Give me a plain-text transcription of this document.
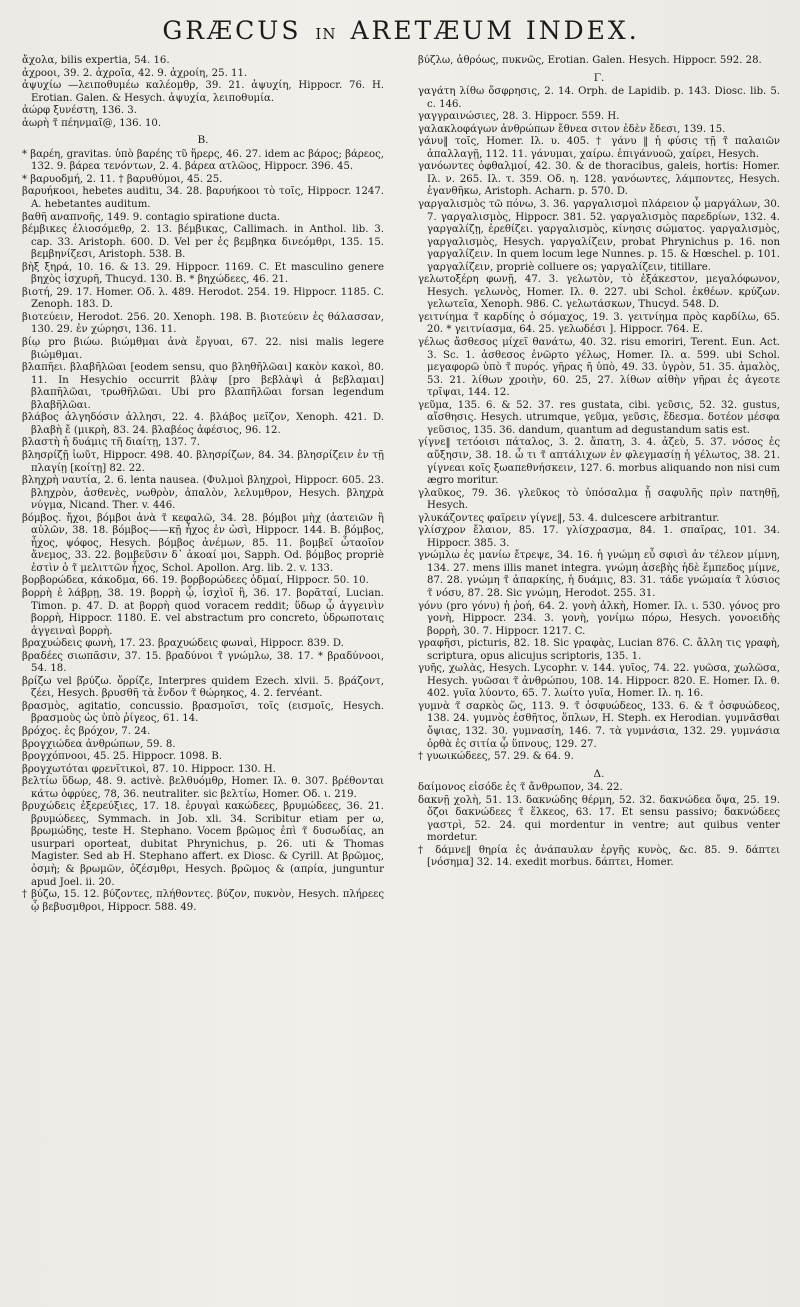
GRÆCUS IN ARETÆUM INDEX.
ἄχολα, bilis expertia, 54. 16.
ἀχροοι, 39. 2. ἀχροῖα, 42. 9. ἀχροίη, 25. 11.
ἀψυχίω —λειποθυμέω καλέομθρ, 39. 21. ἀψυχίη, Hippocr. 76. H. Erotian. Galen. & Hesych. ἀψυχία, λειποθυμία.
ἀώρφ ξυνέστη, 136. 3.
ἀωρὴ τ̃ πέηνμαῖ@, 136. 10.
B.
* βαρέη, gravitas. ὑπὸ βαρέης τῦ ἥρερς, 46. 27. idem ac βάρος; βάρεος, 132. 9. βάρεα τενόντων, 2. 4. βάρεα ατλῶος, Hippocr. 396. 45.
* βαρυοδμή, 2. 11. † βαρυθύμοι, 45. 25.
βαρυήκοοι, hebetes auditu, 34. 28. βαρυήκοοι τὸ τοῖς, Hippocr. 1247. A. hebetantes auditum.
βαθῆ αναπνοῆς, 149. 9. contagio spiratione ducta.
βέμβικες ἐλιοσόμεθρ, 2. 13. βέμβικας, Callimach. in Anthol. lib. 3. cap. 33. Aristoph. 600. D. Vel per ἐς βεμβηκα δινεόμθρι, 135. 15. βεμβηνίζεσι, Aristoph. 538. B.
βὴξ ξηρά, 10. 16. & 13. 29. Hippocr. 1169. C. Et masculino genere βηχὸς ἰσχυρῆ, Thucyd. 130. B. * βηχώδεες, 46. 21.
βιοτή, 29. 17. Homer. Οδ. λ. 489. Herodot. 254. 19. Hippocr. 1185. C. Zenoph. 183. D.
βιοτεύειν, Herodot. 256. 20. Xenoph. 198. B. βιοτεύειν ἐς θάλασσαν, 130. 29. ἐν χώρησι, 136. 11.
βίῳ pro βιώω. βιώμθμαι ἀνὰ ἔργυαι, 67. 22. nisi malis legere βιώμθμαι.
βλαπῆει. βλαβῆλῶαι [eodem sensu, quo βληθῆλῶαι] κακὸν κακοὶ, 80. 11. In Hesychio occurrit βλὰψ [pro βεβλὰψὶ ἀ βεβλαμαι] βλαπῆλῶαι, τρωθῆλῶαι. Ubi pro βλαπῆλῶαι forsan legendum βλαβῆλῶαι.
βλάβος ἀλγηδόσιν ἀλλησι, 22. 4. βλάβος μεῖζον, Xenoph. 421. D. βλαβὴ ἔ (μικρὴ, 83. 24. βλαβέος ἀφέσιος, 96. 12.
βλαστὴ ἡ δυάμις τῆ διαίτῃ, 137. 7.
βλησρίζῇ ἰωῦτ, Hippocr. 498. 40. βλησρίζων, 84. 34. βλησρίζειν ἐν τῇ πλαγίῃ [κοίτῃ] 82. 22.
βληχρὴ ναυτία, 2. 6. lenta nausea. (Φυλμοὶ βληχροὶ, Hippocr. 605. 23. βληχρὸν, ἀσθενὲς, νωθρὸν, ἀπαλὸν, λελυμθρον, Hesych. βληχρὰ νύγμα, Nicand. Ther. v. 446.
βόμβος. ἤχοι, βόμβοι ἀνὰ τ̃ κεφαλῶ, 34. 28. βόμβοι μὴχ (ἀατειῶν ἢ αὐλῶν, 38. 18. βόμβος——κῇ ἦχος ἐν ὠσὶ, Hippocr. 144. B. βόμβος, ἦχος, ψόφος, Hesych. βόμβος ἀνέμων, 85. 11. βομβεῖ ὦταοῖον ἄνεμος, 33. 22. βομβεῦσιν δ᾽ ἀκοαί μοι, Sapph. Od. βόμβος propriè ἐστὶν ὁ τ̃ μελιττῶν ἦχος, Schol. Apollon. Arg. lib. 2. v. 133.
βορβορώδεα, κάκοδμα, 66. 19. βορβορώδεες ὀδμαί, Hippocr. 50. 10.
βορρὴ ἐ λάβρῃ, 38. 19. βορρὴ ᾧ, ἰσχὶοῖ ἢ, 36. 17. βορᾶταί, Lucian. Timon. p. 47. D. at βορρὴ quod voracem reddit; ὕδωρ ᾧ ἀγγεινὶν βορρὴ, Hippocr. 1180. E. vel abstractum pro concreto, ὑδρωποταις ἀγγειναὶ βορρὴ.
βραχυώδεις φωνὴ, 17. 23. βραχυώδεις φωναὶ, Hippocr. 839. D.
βραδέες σιωπᾶσιν, 37. 15. βραδύνοι τ̃ γνώμλω, 38. 17. * βραδύνοοι, 54. 18.
βρίζω vel βρύζω. ὄρρίζε, Interpres quidem Ezech. xlvii. 5. βράζοντ, ζέει, Hesych. βρυσθῆ τὰ ἔνδον τ̃ θώρηκος, 4. 2. fervéant.
βρασμὸς, agitatio, concussio. βρασμοῖσι, τοῖς (εισμοῖς, Hesych. βρασμοὺς ὡς ὑπὸ ῥίγεος, 61. 14.
βρόχος. ἐς βρόχον, 7. 24.
βρογχιώδεα ἀνθρώπων, 59. 8.
βρογχόπνοοι, 45. 25. Hippocr. 1098. B.
βρογχωτόται φρενῖτικοὶ, 87. 10. Hippocr. 130. H.
βελτίω ὕδωρ, 48. 9. activè. βελθυόμθρ, Homer. Ιλ. θ. 307. βρέθονται κάτω ὀφρύες, 78, 36. neutraliter. sic βελτίω, Homer. Οδ. ι. 219.
βρυχώδεις ἐξερεύξιες, 17. 18. ἐρυγαὶ κακώδεες, βρυμώδεες, 36. 21. βρυμώδεες, Symmach. in Job. xli. 34. Scribitur etiam per ω, βρωμώδης, teste H. Stephano. Vocem βρῶμος ἐπὶ τ̃ δυσωδίας, an usurpari oporteat, dubitat Phrynichus, p. 26. uti & Thomas Magister. Sed ab H. Stephano affert. ex Diosc. & Cyrill. At βρῶμος, ὀσμὴ; & βρωμῶν, ὀζέσμθρι, Hesych. βρῶμος & (απρία, junguntur apud Joel. ii. 20.
† βύζω, 15. 12. βύζοντες, πλήθοντες. βύζον, πυκνὸν, Hesych. πλήρεες ᾧ βεβυσμθροι, Hippocr. 588. 49.
βύζλω, ἀθρόως, πυκνῶς, Erotian. Galen. Hesych. Hippocr. 592. 28.
Γ.
γαγάτη λίθω ὄσφρησις, 2. 14. Orph. de Lapidib. p. 143. Diosc. lib. 5. c. 146.
γαγγραινώσιες, 28. 3. Hippocr. 559. H.
γαλακλοφάγων ἀνθρώπων ἔθνεα σιτον ἐδὲν ἔδεσι, 139. 15.
γάνυ‖ τοῖς, Homer. Ιλ. υ. 405. † γάνυ ‖ ἡ φύσις τῇ τ̃ παλαιῶν ἀπαλλαγῇ, 112. 11. γάνυμαι, χαίρω. ἐπιγάνυοῶ, χαίρει, Hesych.
γανόωντες ὀφθαλμοί, 42. 30. & de thoracibus, galeis, hortis: Homer. Ιλ. ν. 265. Ιλ. τ. 359. Οδ. η. 128. γανόωντες, λάμποντες, Hesych. ἐγανθῆκω, Aristoph. Acharn. p. 570. D.
γαργαλισμὸς τῶ πόνω, 3. 36. γαργαλισμοὶ πλάρειον ᾧ μαργάλων, 30. 7. γαργαλισμὸς, Hippocr. 381. 52. γαργαλισμὸς παρεδρίων, 132. 4. γαργαλίζῃ, ἐρεθίζει. γαργαλισμὸς, κίνησις σώματος. γαργαλισμὸς, γαργαλισμὸς, Hesych. γαργαλίζειν, probat Phrynichus p. 16. non γαργαλίζειν. In quem locum lege Nunnes. p. 15. & Hœschel. p. 101. γαργαλίζειν, propriè colluere os; γαργαλίζειν, titillare.
γελωτοξέρη φωνῇ, 47. 3. γελωτὸν, τὸ ἐξάκεστον, μεγαλόφωνον, Hesych. γελωνὸς, Homer. Ιλ. θ. 227. ubi Schol. ἐκθέων. κρύζων. γελωτεῖα, Xenoph. 986. C. γελωτάσκων, Thucyd. 548. D.
γειτνίημα τ̃ καρδίης ὁ σόμαχος, 19. 3. γειτνίημα πρὸς καρδίλω, 65. 20. * γειτνίασμα, 64. 25. γελωδέσι ]. Hippocr. 764. E.
γέλως ἄσθεσος μίχεῖ θανάτω, 40. 32. risu emoriri, Terent. Eun. Act. 3. Sc. 1. ἀσθεσος ἐνῶρτο γέλως, Homer. Ιλ. α. 599. ubi Schol. μεγαφορῶ ὑπὸ τ̃ πυρός. γῆρας ῆ ὑπὸ, 49. 33. ὑγρὸν, 51. 35. ἀμαλὸς, 53. 21. λίθων χροιὴν, 60. 25, 27. λίθων αἰθὴν γῆραι ἐς ἀγεοτε τρῖψαι, 144. 12.
γεῦμα, 135. 6. & 52. 37. res gustata, cibi. γεῦσις, 52. 32. gustus, αἴσθησις. Hesych. utrumque, γεῦμα, γεῦσις, ἔδεσμα. δοτέον μέσφα γεῦσιος, 135. 36. dandum, quantum ad degustandum satis est.
γίγνε‖ τετόοισι πάταλος, 3. 2. ἄπατη, 3. 4. ἀζεὺ, 5. 37. νόσος ἐς αὔξησιν, 38. 18. ὧ τι τ̃ απτάλιχων ἐν φλεγμασίῃ ἡ γέλωτος, 38. 21. γίγνεαι κοῖς ξωαπεθνήσκειν, 127. 6. morbus aliquando non nisi cum ægro moritur.
γλαῦκος, 79. 36. γλεῦκος τὸ ὑπόσαλμα ᾗ σαφυλῆς πρὶν πατηθῇ, Hesych.
γλυκάζοντες φαῖρειν γίγνε‖, 53. 4. dulcescere arbitrantur.
γλίσχρον ἔλαιον, 85. 17. γλίσχρασμα, 84. 1. σπαῖρας, 101. 34. Hippocr. 385. 3.
γνώμλω ἐς μανίω ἔτρεψε, 34. 16. ἡ γνώμη εὖ σφισὶ ἀν τέλεον μίμνη, 134. 27. mens illis manet integra. γνώμη ἀσεβὴς ἡδὲ ἔμπεδος μίμνε, 87. 28. γνώμη τ̃ ἀπαρκίης, ἡ δυάμις, 83. 31. τάδε γνώμαία τ̃ λύσιος τ̃ νόσυ, 87. 28. Sic γνώμη, Herodot. 255. 31.
γόνυ (pro γόνυ) ἡ ῥοή, 64. 2. γονὴ ἀλκὴ, Homer. Ιλ. ι. 530. γόνος pro γονὴ, Hippocr. 234. 3. γονὴ, γονίμω πόρω, Hesych. γονοειδὴς βορρὴ, 30. 7. Hippocr. 1217. C.
γραφῆσι, picturis, 82. 18. Sic γραφὰς, Lucian 876. C. ἄλλη τις γραφὴ, scriptura, opus alicujus scriptoris, 135. 1.
γυῆς, χωλὰς, Hesych. Lycophr. v. 144. γυῖος, 74. 22. γυῶσα, χωλῶσα, Hesych. γυῶσαι τ̃ ἀνθρώπου, 108. 14. Hippocr. 820. E. Homer. Ιλ. θ. 402. γυῖα λύοντο, 65. 7. λωίτο γυῖα, Homer. Ιλ. η. 16.
γυμνὰ τ̃ σαρκὸς ὥς, 113. 9. τ̃ ὀσφυώδεος, 133. 6. & τ̃ ὀσφυώδεος, 138. 24. γυμνὸς ἐσθῆτος, ὅπλων, H. Steph. ex Herodian. γυμνᾶσθαι ὄψιας, 132. 30. γυμνασίη, 146. 7. τὰ γυμνάσια, 132. 29. γυμνάσια ὀρθὰ ἐς σιτία ᾧ ὕπνους, 129. 27.
† γυωικώδεες, 57. 29. & 64. 9.
Δ.
δαίμονος εἰσόδε ἐς τ̃ ἄνθρωπον, 34. 22.
δακνῇ χολὴ, 51. 13. δακνώδης θέρμη, 52. 32. δακνώδεα ὄψα, 25. 19. ὄζοι δακνώδεες τ̃ ἕλκεος, 63. 17. Et sensu passivo; δακνώδεες γαστρὶ, 52. 24. qui mordentur in ventre; aut quibus venter mordetur.
† δάμνε‖ θηρία ἐς ἀνάπαυλαν ἐργῆς κυνὸς, &c. 85. 9. δάπτει [νόσημα] 32. 14. exedit morbus. δάπτει, Homer.
